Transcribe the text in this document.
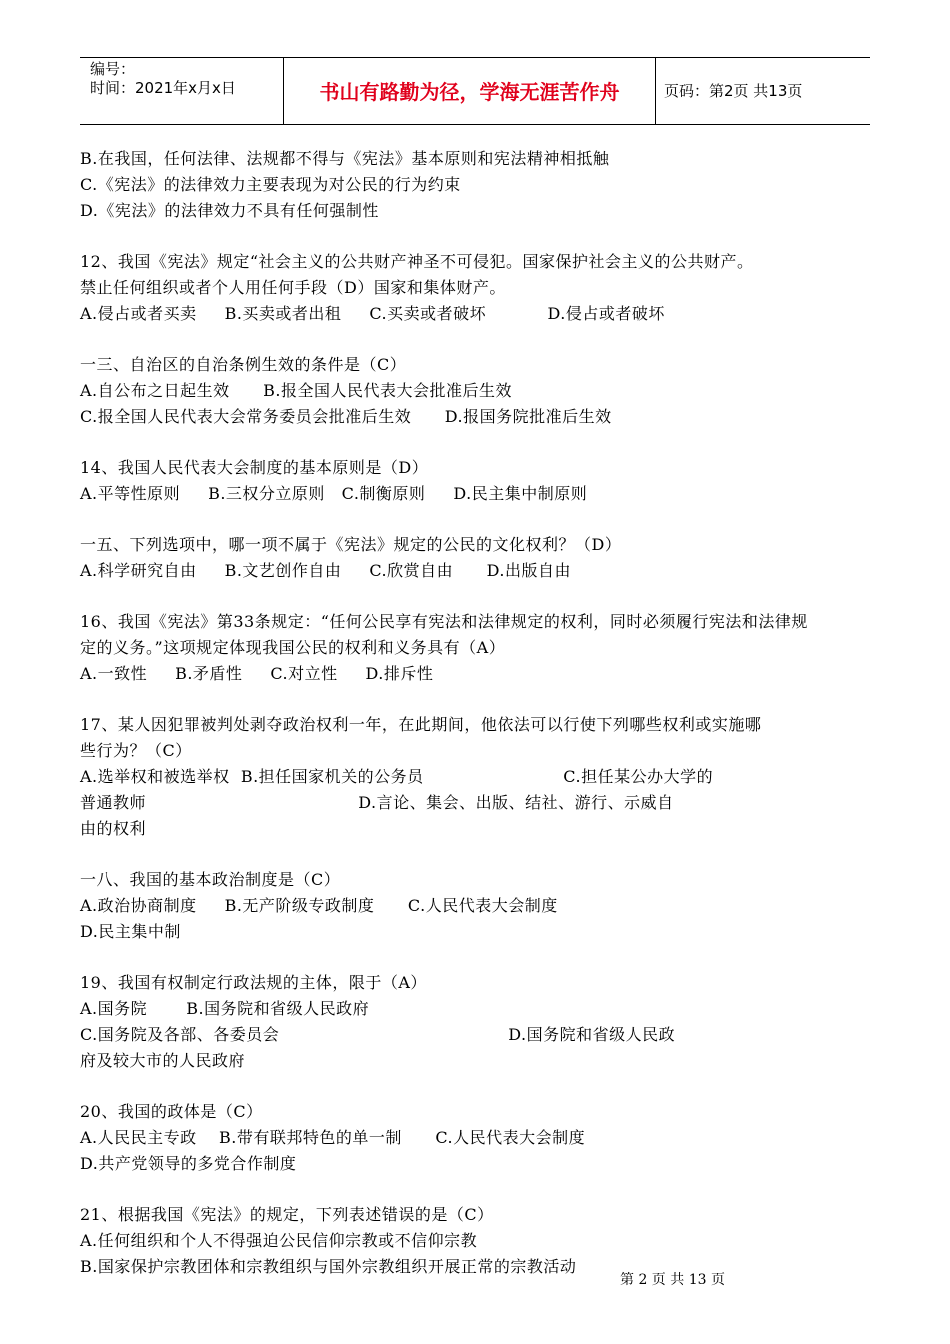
编号：
时间：2021年x月x日	书山有路勤为径，学海无涯苦作舟	页码：第2页 共13页
B.在我国，任何法律、法规都不得与《宪法》基本原则和宪法精神相抵触
C.《宪法》的法律效力主要表现为对公民的行为约束
D.《宪法》的法律效力不具有任何强制性
12、我国《宪法》规定“社会主义的公共财产神圣不可侵犯。国家保护社会主义的公共财产。
禁止任何组织或者个人用任何手段（D）国家和集体财产。
A.侵占或者买卖     B.买卖或者出租     C.买卖或者破坏           D.侵占或者破坏
一三、自治区的自治条例生效的条件是（C）
A.自公布之日起生效      B.报全国人民代表大会批准后生效
C.报全国人民代表大会常务委员会批准后生效      D.报国务院批准后生效
14、我国人民代表大会制度的基本原则是（D）
A.平等性原则     B.三权分立原则   C.制衡原则     D.民主集中制原则
一五、下列选项中，哪一项不属于《宪法》规定的公民的文化权利？（D）
A.科学研究自由     B.文艺创作自由     C.欣赏自由      D.出版自由
16、我国《宪法》第33条规定：“任何公民享有宪法和法律规定的权利，同时必须履行宪法和法律规
定的义务。”这项规定体现我国公民的权利和义务具有（A）
A.一致性     B.矛盾性     C.对立性     D.排斥性
17、某人因犯罪被判处剥夺政治权利一年，在此期间，他依法可以行使下列哪些权利或实施哪
些行为？（C）
A.选举权和被选举权  B.担任国家机关的公务员                         C.担任某公办大学的
普通教师                                      D.言论、集会、出版、结社、游行、示威自
由的权利
一八、我国的基本政治制度是（C）
A.政治协商制度     B.无产阶级专政制度      C.人民代表大会制度
D.民主集中制
19、我国有权制定行政法规的主体，限于（A）
A.国务院       B.国务院和省级人民政府
C.国务院及各部、各委员会                                         D.国务院和省级人民政
府及较大市的人民政府
20、我国的政体是（C）
A.人民民主专政    B.带有联邦特色的单一制      C.人民代表大会制度
D.共产党领导的多党合作制度
21、根据我国《宪法》的规定，下列表述错误的是（C）
A.任何组织和个人不得强迫公民信仰宗教或不信仰宗教
B.国家保护宗教团体和宗教组织与国外宗教组织开展正常的宗教活动
第 2 页 共 13 页
